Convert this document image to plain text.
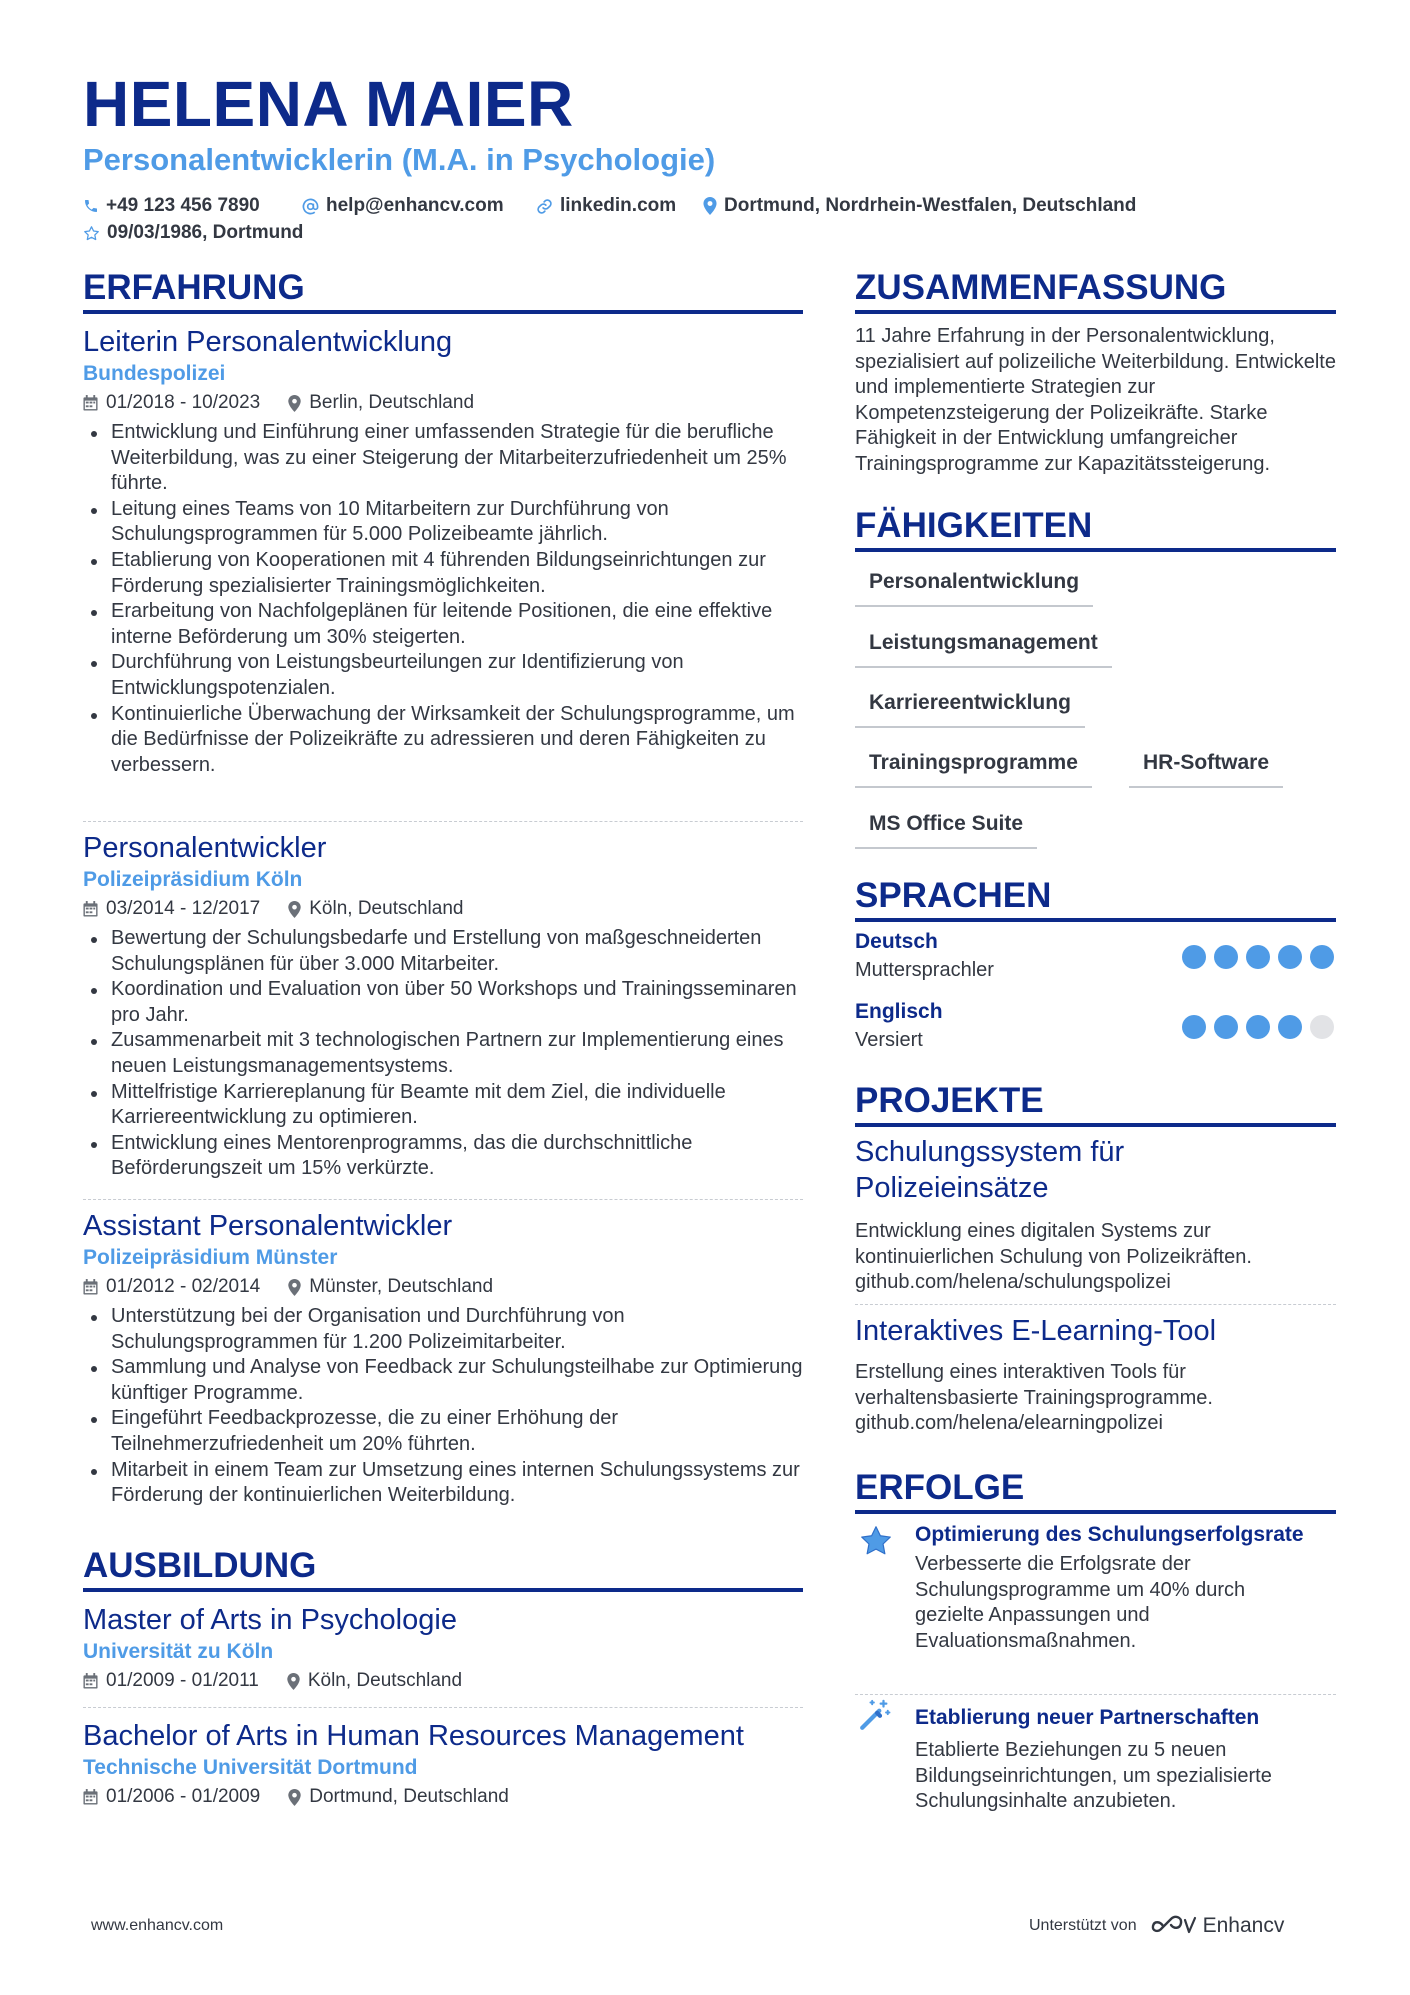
HELENA MAIER
Personalentwicklerin (M.A. in Psychologie)
+49 123 456 7890	help@enhancv.com	linkedin.com	Dortmund, Nordrhein-Westfalen, Deutschland
09/03/1986, Dortmund
ERFAHRUNG
Leiterin Personalentwicklung
Bundespolizei
01/2018 - 10/2023	Berlin, Deutschland
Entwicklung und Einführung einer umfassenden Strategie für die berufliche Weiterbildung, was zu einer Steigerung der Mitarbeiterzufriedenheit um 25% führte.
Leitung eines Teams von 10 Mitarbeitern zur Durchführung von Schulungsprogrammen für 5.000 Polizeibeamte jährlich.
Etablierung von Kooperationen mit 4 führenden Bildungseinrichtungen zur Förderung spezialisierter Trainingsmöglichkeiten.
Erarbeitung von Nachfolgeplänen für leitende Positionen, die eine effektive interne Beförderung um 30% steigerten.
Durchführung von Leistungsbeurteilungen zur Identifizierung von Entwicklungspotenzialen.
Kontinuierliche Überwachung der Wirksamkeit der Schulungsprogramme, um die Bedürfnisse der Polizeikräfte zu adressieren und deren Fähigkeiten zu verbessern.
Personalentwickler
Polizeipräsidium Köln
03/2014 - 12/2017	Köln, Deutschland
Bewertung der Schulungsbedarfe und Erstellung von maßgeschneiderten Schulungsplänen für über 3.000 Mitarbeiter.
Koordination und Evaluation von über 50 Workshops und Trainingsseminaren pro Jahr.
Zusammenarbeit mit 3 technologischen Partnern zur Implementierung eines neuen Leistungsmanagementsystems.
Mittelfristige Karriereplanung für Beamte mit dem Ziel, die individuelle Karriereentwicklung zu optimieren.
Entwicklung eines Mentorenprogramms, das die durchschnittliche Beförderungszeit um 15% verkürzte.
Assistant Personalentwickler
Polizeipräsidium Münster
01/2012 - 02/2014	Münster, Deutschland
Unterstützung bei der Organisation und Durchführung von Schulungsprogrammen für 1.200 Polizeimitarbeiter.
Sammlung und Analyse von Feedback zur Schulungsteilhabe zur Optimierung künftiger Programme.
Eingeführt Feedbackprozesse, die zu einer Erhöhung der Teilnehmerzufriedenheit um 20% führten.
Mitarbeit in einem Team zur Umsetzung eines internen Schulungssystems zur Förderung der kontinuierlichen Weiterbildung.
AUSBILDUNG
Master of Arts in Psychologie
Universität zu Köln
01/2009 - 01/2011	Köln, Deutschland
Bachelor of Arts in Human Resources Management
Technische Universität Dortmund
01/2006 - 01/2009	Dortmund, Deutschland
ZUSAMMENFASSUNG
11 Jahre Erfahrung in der Personalentwicklung, spezialisiert auf polizeiliche Weiterbildung. Entwickelte und implementierte Strategien zur Kompetenzsteigerung der Polizeikräfte. Starke Fähigkeit in der Entwicklung umfangreicher Trainingsprogramme zur Kapazitätssteigerung.
FÄHIGKEITEN
Personalentwicklung
Leistungsmanagement
Karriereentwicklung
Trainingsprogramme	HR-Software
MS Office Suite
SPRACHEN
Deutsch
Muttersprachler
Englisch
Versiert
PROJEKTE
Schulungssystem für Polizeieinsätze
Entwicklung eines digitalen Systems zur kontinuierlichen Schulung von Polizeikräften.
github.com/helena/schulungspolizei
Interaktives E-Learning-Tool
Erstellung eines interaktiven Tools für verhaltensbasierte Trainingsprogramme.
github.com/helena/elearningpolizei
ERFOLGE
Optimierung des Schulungserfolgsrate
Verbesserte die Erfolgsrate der Schulungsprogramme um 40% durch gezielte Anpassungen und Evaluationsmaßnahmen.
Etablierung neuer Partnerschaften
Etablierte Beziehungen zu 5 neuen Bildungseinrichtungen, um spezialisierte Schulungsinhalte anzubieten.
www.enhancv.com	Unterstützt von	Enhancv
